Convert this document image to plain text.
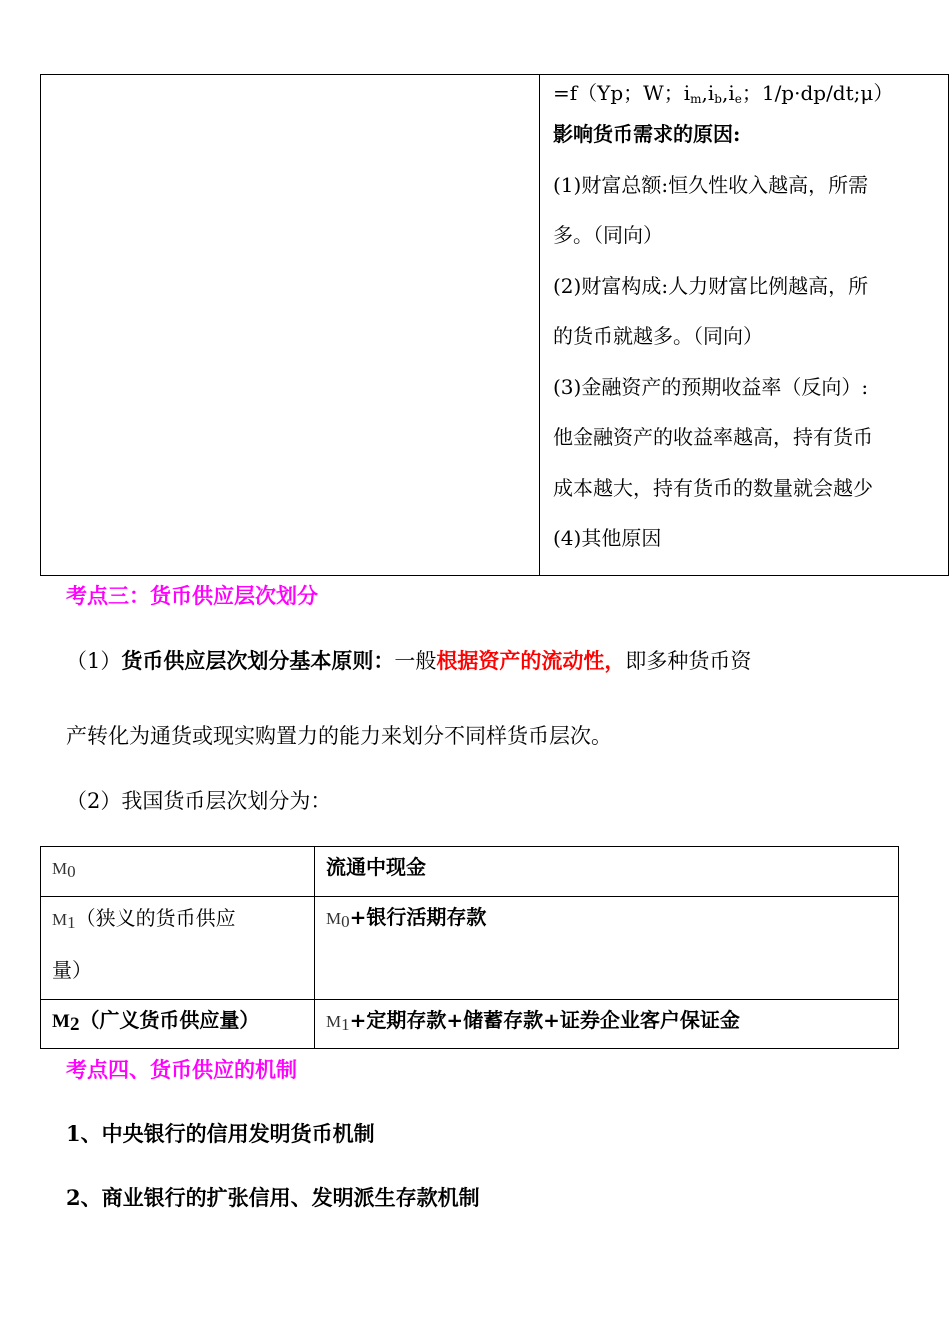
=f（Yp；W；$i_m,i_b,i_e$；1/p·dp/dt;μ）
影响货币需求的原因:
(1)财富总额:恒久性收入越高，所需
多。（同向）
(2)财富构成:人力财富比例越高，所
的货币就越多。（同向）
(3)金融资产的预期收益率（反向）:
他金融资产的收益率越高，持有货币
成本越大，持有货币的数量就会越少
(4)其他原因
考点三：货币供应层次划分
（1）货币供应层次划分基本原则：一般根据资产的流动性，即多种货币资
产转化为通货或现实购置力的能力来划分不同样货币层次。
（2）我国货币层次划分为：
$M_0$	流通中现金

$M_1$（狭义的货币供应
量）	$M_0+$银行活期存款

$M_2$（广义货币供应量）	$M_1+$定期存款+储蓄存款+证券企业客户保证金
考点四、货币供应的机制
1、中央银行的信用发明货币机制
2、商业银行的扩张信用、发明派生存款机制
